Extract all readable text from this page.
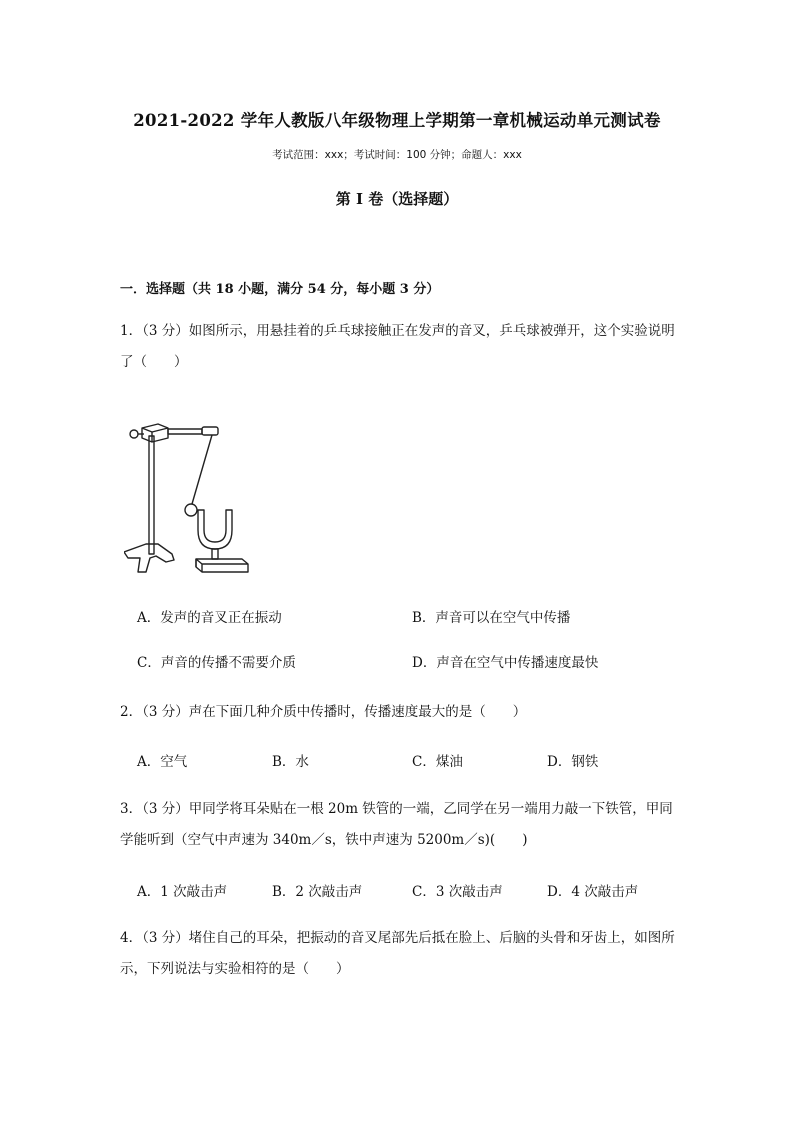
2021-2022 学年人教版八年级物理上学期第一章机械运动单元测试卷
考试范围：xxx；考试时间：100 分钟；命题人：xxx
第 I 卷（选择题）
一．选择题（共 18 小题，满分 54 分，每小题 3 分）
1．（3 分）如图所示，用悬挂着的乒乓球接触正在发声的音叉，乒乓球被弹开，这个实验说明了（　　）
A．发声的音叉正在振动	B．声音可以在空气中传播
C．声音的传播不需要介质	D．声音在空气中传播速度最快
2．（3 分）声在下面几种介质中传播时，传播速度最大的是（　　）
A．空气	B．水	C．煤油	D．钢铁
3．（3 分）甲同学将耳朵贴在一根 20m 铁管的一端，乙同学在另一端用力敲一下铁管，甲同学能听到（空气中声速为 340m／s，铁中声速为 5200m／s)(　　)
A．1 次敲击声	B．2 次敲击声	C．3 次敲击声	D．4 次敲击声
4．（3 分）堵住自己的耳朵，把振动的音叉尾部先后抵在脸上、后脑的头骨和牙齿上，如图所示，下列说法与实验相符的是（　　）
